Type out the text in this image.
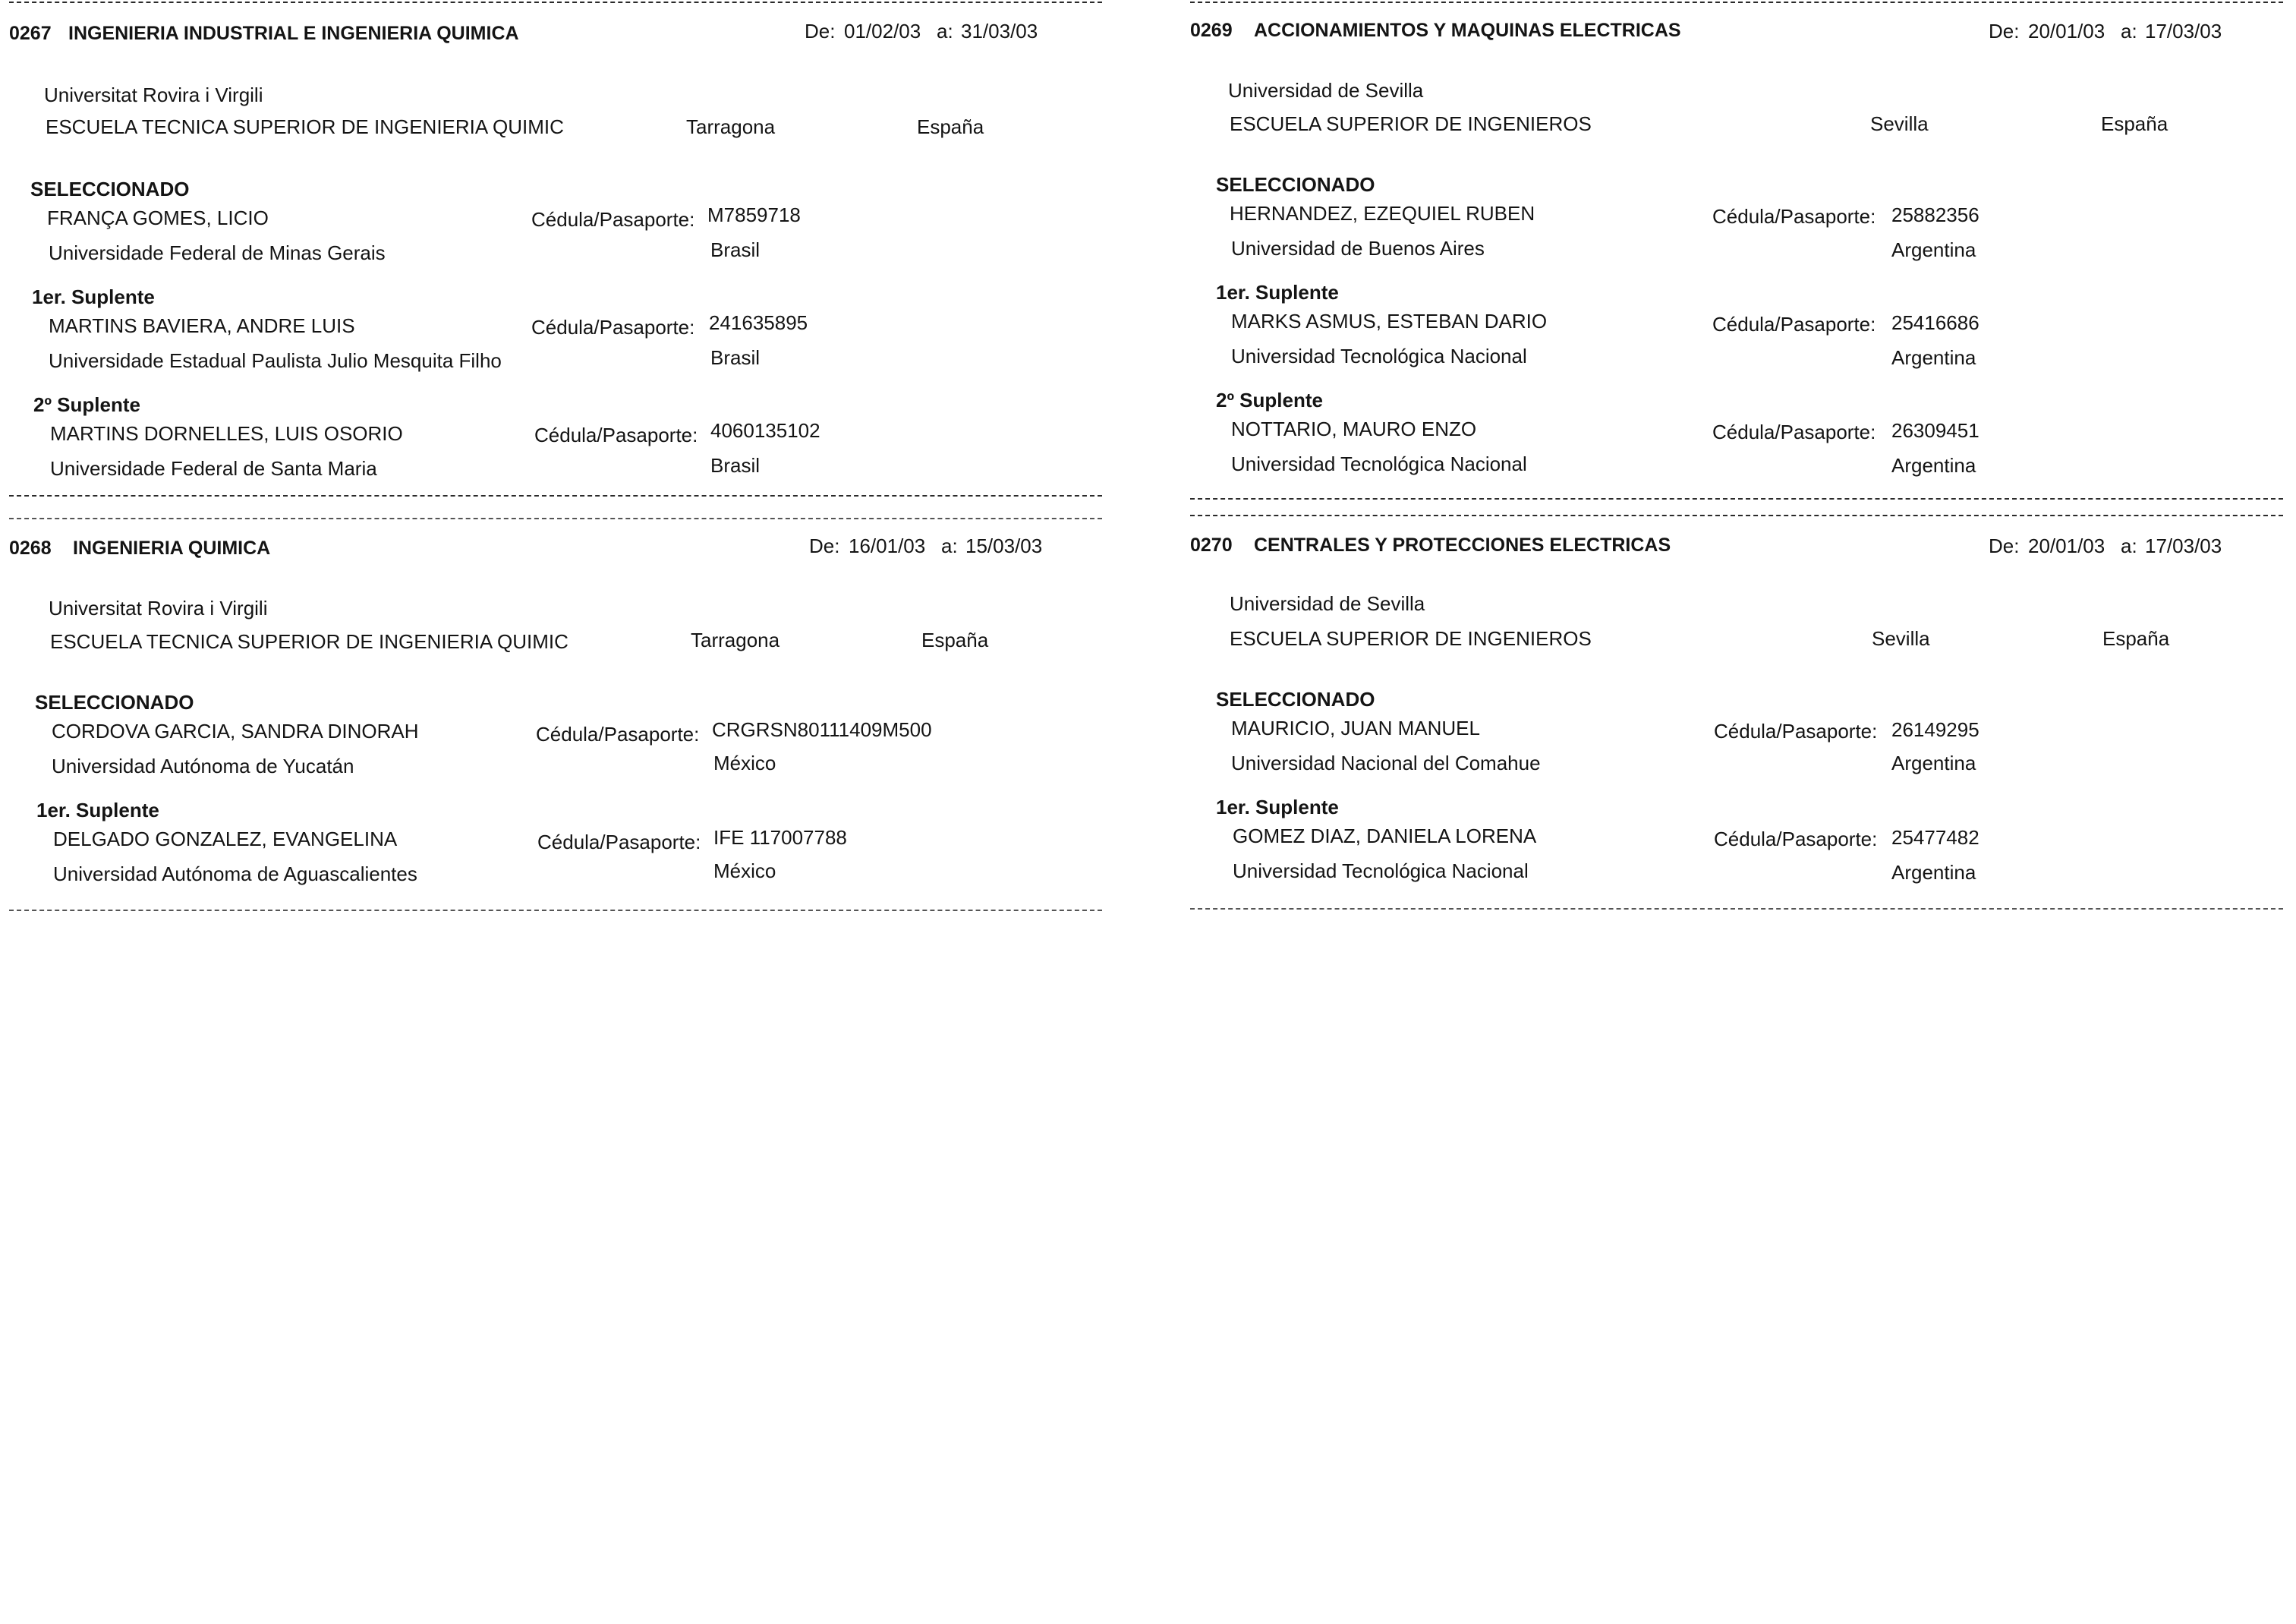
0267 INGENIERIA INDUSTRIAL E INGENIERIA QUIMICA	De: 01/02/03 a: 31/03/03
Universitat Rovira i Virgili
ESCUELA TECNICA SUPERIOR DE INGENIERIA QUIMIC	Tarragona	España
SELECCIONADO
FRANÇA GOMES, LICIO	Cédula/Pasaporte: M7859718
Universidade Federal de Minas Gerais	Brasil
1er. Suplente
MARTINS BAVIERA, ANDRE LUIS	Cédula/Pasaporte: 241635895
Universidade Estadual Paulista Julio Mesquita Filho	Brasil
2º Suplente
MARTINS DORNELLES, LUIS OSORIO	Cédula/Pasaporte: 4060135102
Universidade Federal de Santa Maria	Brasil
0269 ACCIONAMIENTOS Y MAQUINAS ELECTRICAS	De: 20/01/03 a: 17/03/03
Universidad de Sevilla
ESCUELA SUPERIOR DE INGENIEROS	Sevilla	España
SELECCIONADO
HERNANDEZ, EZEQUIEL RUBEN	Cédula/Pasaporte: 25882356
Universidad de Buenos Aires	Argentina
1er. Suplente
MARKS ASMUS, ESTEBAN DARIO	Cédula/Pasaporte: 25416686
Universidad Tecnológica Nacional	Argentina
2º Suplente
NOTTARIO, MAURO ENZO	Cédula/Pasaporte: 26309451
Universidad Tecnológica Nacional	Argentina
0268 INGENIERIA QUIMICA	De: 16/01/03 a: 15/03/03
Universitat Rovira i Virgili
ESCUELA TECNICA SUPERIOR DE INGENIERIA QUIMIC	Tarragona	España
SELECCIONADO
CORDOVA GARCIA, SANDRA DINORAH	Cédula/Pasaporte: CRGRSN80111409M500
Universidad Autónoma de Yucatán	México
1er. Suplente
DELGADO GONZALEZ, EVANGELINA	Cédula/Pasaporte: IFE 117007788
Universidad Autónoma de Aguascalientes	México
0270 CENTRALES Y PROTECCIONES ELECTRICAS	De: 20/01/03 a: 17/03/03
Universidad de Sevilla
ESCUELA SUPERIOR DE INGENIEROS	Sevilla	España
SELECCIONADO
MAURICIO, JUAN MANUEL	Cédula/Pasaporte: 26149295
Universidad Nacional del Comahue	Argentina
1er. Suplente
GOMEZ DIAZ, DANIELA LORENA	Cédula/Pasaporte: 25477482
Universidad Tecnológica Nacional	Argentina
